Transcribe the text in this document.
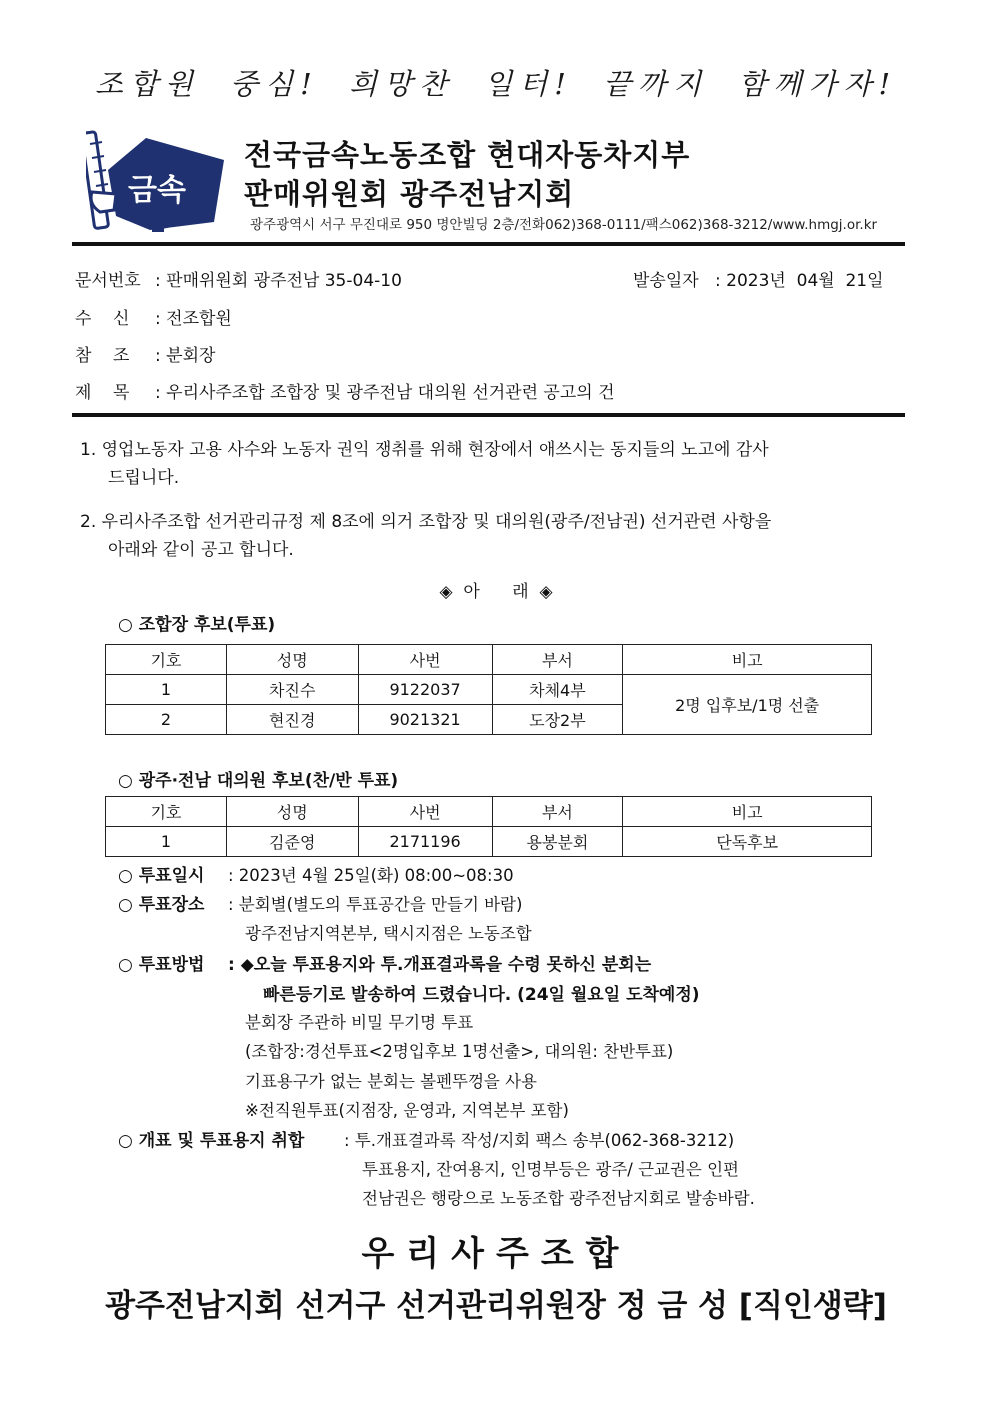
조합원 중심! 희망찬 일터! 끝까지 함께가자!
금속
전국금속노동조합 현대자동차지부
판매위원회 광주전남지회
광주광역시 서구 무진대로 950 명안빌딩 2층/전화062)368-0111/팩스062)368-3212/www.hmgj.or.kr
문서번호 : 판매위원회 광주전남 35-04-10	발송일자 : 2023년  04월  21일
수    신 : 전조합원
참    조 : 분회장
제    목 : 우리사주조합 조합장 및 광주전남 대의원 선거관련 공고의 건
1. 영업노동자 고용 사수와 노동자 권익 쟁취를 위해 현장에서 애쓰시는 동지들의 노고에 감사
드립니다.
2. 우리사주조합 선거관리규정 제 8조에 의거 조합장 및 대의원(광주/전남권) 선거관련 사항을
아래와 같이 공고 합니다.
◈  아      래  ◈
○ 조합장 후보(투표)
기호	성명	사번	부서	비고
1	차진수	9122037	차체4부	2명 입후보/1명 선출
2	현진경	9021321	도장2부	
○ 광주·전남 대의원 후보(찬/반 투표)
기호	성명	사번	부서	비고
1	김준영	2171196	용봉분회	단독후보
○ 투표일시 : 2023년 4월 25일(화) 08:00~08:30
○ 투표장소 : 분회별(별도의 투표공간을 만들기 바람)
광주전남지역본부, 택시지점은 노동조합
○ 투표방법 : ◆오늘 투표용지와 투.개표결과록을 수령 못하신 분회는
빠른등기로 발송하여 드렸습니다. (24일 월요일 도착예정)
분회장 주관하 비밀 무기명 투표
(조합장:경선투표<2명입후보 1명선출>, 대의원: 찬반투표)
기표용구가 없는 분회는 볼펜뚜껑을 사용
※전직원투표(지점장, 운영과, 지역본부 포함)
○ 개표 및 투표용지 취합 : 투.개표결과록 작성/지회 팩스 송부(062-368-3212)
투표용지, 잔여용지, 인명부등은 광주/ 근교권은 인편
전남권은 행랑으로 노동조합 광주전남지회로 발송바람.
우리사주조합
광주전남지회 선거구 선거관리위원장 정 금 성 [직인생략]
